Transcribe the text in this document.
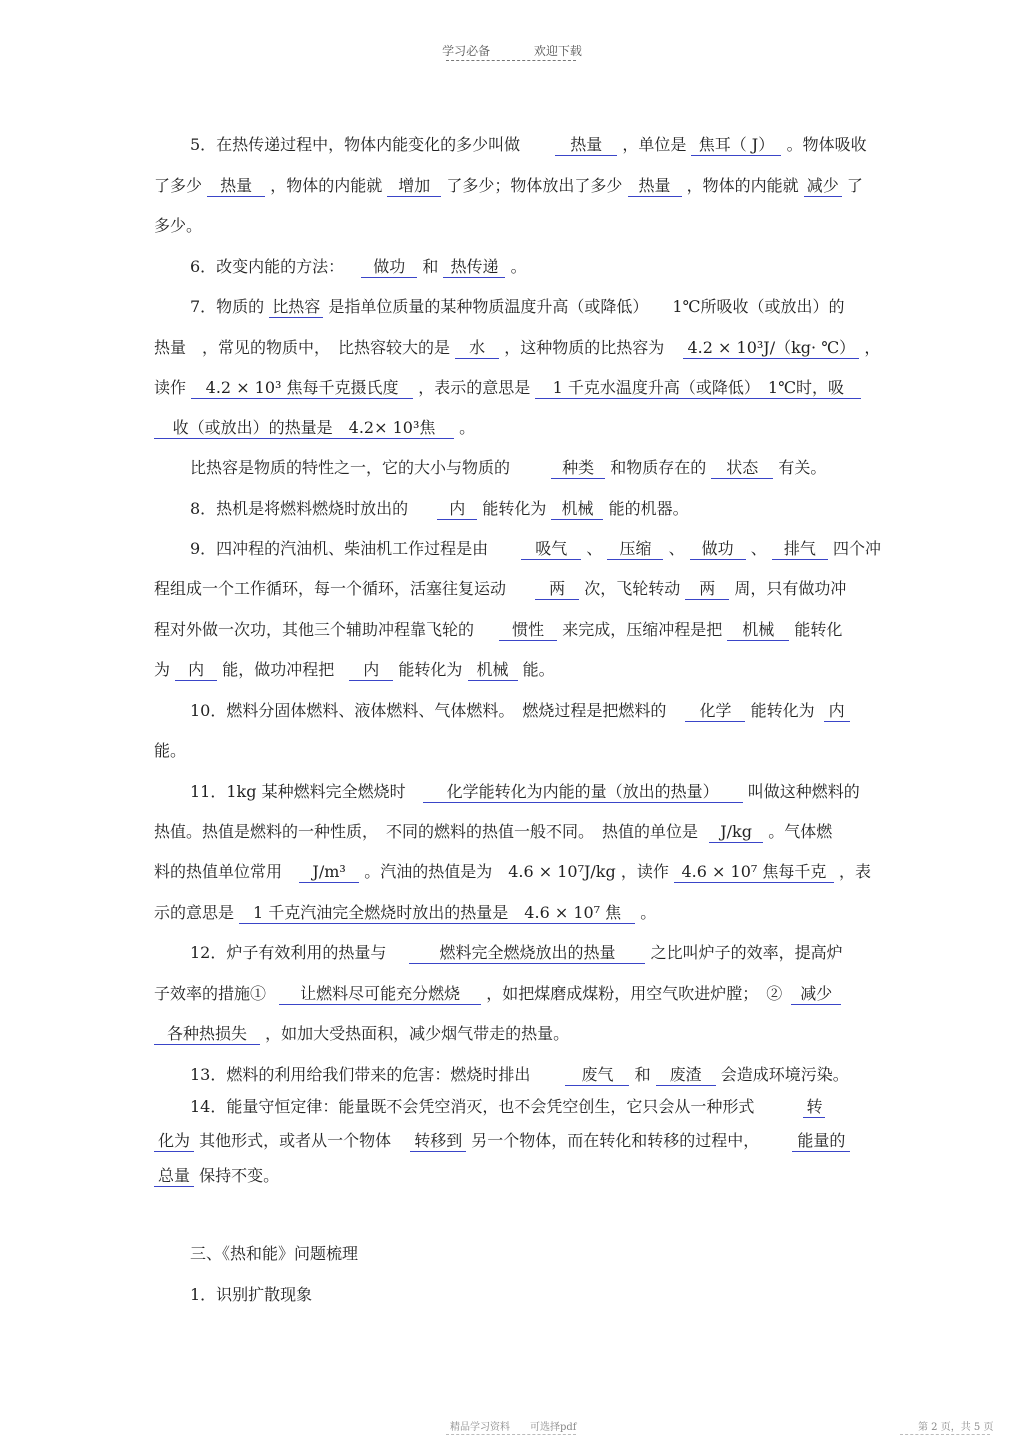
学习必备	欢迎下载
5．在热传递过程中，物体内能变化的多少叫做	热量 ，单位是 焦耳（ J） 。物体吸收
了多少 热量 ，物体的内能就 增加 了多少；物体放出了多少 热量 ，物体的内能就 减少 了
多少。
6．改变内能的方法： 做功 和 热传递 。
7．物质的 比热容 是指单位质量的某种物质温度升高（或降低）　　1℃所吸收（或放出）的
热量　，常见的物质中，　比热容较大的是 水 ，这种物质的比热容为 4.2 × 10³J/（kg· ℃） ，
读作 4.2 × 10³ 焦每千克摄氏度 ，表示的意思是 1 千克水温度升高（或降低）　1℃时，吸
收（或放出）的热量是　4.2× 10³焦 。
比热容是物质的特性之一，它的大小与物质的	种类 和物质存在的 状态 有关。
8．热机是将燃料燃烧时放出的	内 能转化为 机械 能的机器。
9．四冲程的汽油机、柴油机工作过程是由	吸气 、 压缩 、 做功 、 排气 四个冲
程组成一个工作循环，每一个循环，活塞往复运动	两 次，飞轮转动 两 周，只有做功冲
程对外做一次功，其他三个辅助冲程靠飞轮的 惯性 来完成，压缩冲程是把 机械 能转化
为 内 能，做功冲程把 内 能转化为 机械 能。
10．燃料分固体燃料、液体燃料、气体燃料。　燃烧过程是把燃料的 化学 能转化为 内
能。
11．1kg 某种燃料完全燃烧时	化学能转化为内能的量（放出的热量） 叫做这种燃料的
热值。热值是燃料的一种性质，　不同的燃料的热值一般不同。　热值的单位是 J/kg 。气体燃
料的热值单位常用 J/m³ 。汽油的热值是为　4.6 × 10⁷J/kg ，读作 4.6 × 10⁷ 焦每千克 ，表
示的意思是 1 千克汽油完全燃烧时放出的热量是　4.6 × 10⁷ 焦 。
12．炉子有效利用的热量与	燃料完全燃烧放出的热量 之比叫炉子的效率，提高炉
子效率的措施① 让燃料尽可能充分燃烧 ，如把煤磨成煤粉，用空气吹进炉膛；　② 减少
各种热损失 ，如加大受热面积，减少烟气带走的热量。
13．燃料的利用给我们带来的危害：燃烧时排出	废气 和 废渣 会造成环境污染。
14．能量守恒定律：能量既不会凭空消灭，也不会凭空创生，它只会从一种形式	转
化为 其他形式，或者从一个物体 转移到 另一个物体，而在转化和转移的过程中， 能量的
总量 保持不变。
三、《热和能》问题梳理
1．识别扩散现象
精品学习资料　　可选择pdf	第 2 页，共 5 页
